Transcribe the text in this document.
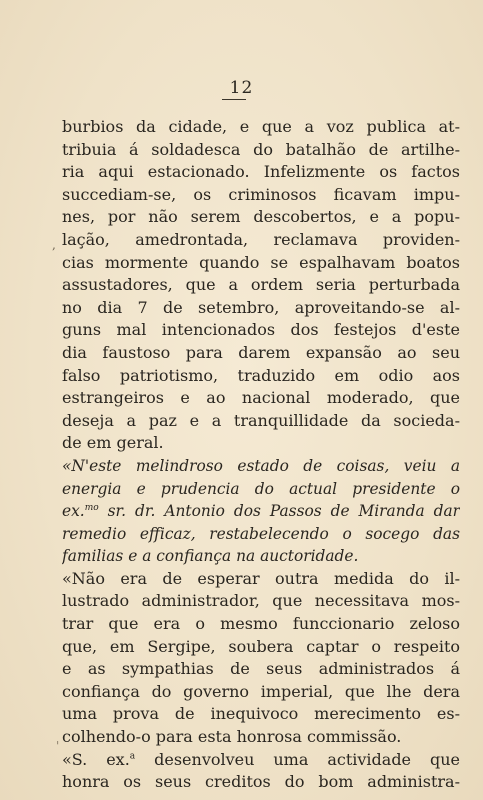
12
,
'
burbios da cidade, e que a voz publica at-
tribuia á soldadesca do batalhão de artilhe-
ria aqui estacionado. Infelizmente os factos
succediam-se, os criminosos ficavam impu-
nes, por não serem descobertos, e a popu-
lação, amedrontada, reclamava providen-
cias mormente quando se espalhavam boatos
assustadores, que a ordem seria perturbada
no dia 7 de setembro, aproveitando-se al-
guns mal intencionados dos festejos d'este
dia faustoso para darem expansão ao seu
falso patriotismo, traduzido em odio aos
estrangeiros e ao nacional moderado, que
deseja a paz e a tranquillidade da socieda-
de em geral.
«N'este melindroso estado de coisas, veiu a
energia e prudencia do actual presidente o
ex.$^{mo}$ sr. dr. Antonio dos Passos de Miranda dar
remedio efficaz, restabelecendo o socego das
familias e a confiança na auctoridade.
«Não era de esperar outra medida do il-
lustrado administrador, que necessitava mos-
trar que era o mesmo funccionario zeloso
que, em Sergipe, soubera captar o respeito
e as sympathias de seus administrados á
confiança do governo imperial, que lhe dera
uma prova de inequivoco merecimento es-
colhendo-o para esta honrosa commissão.
«S. ex.$^a$ desenvolveu uma actividade que
honra os seus creditos do bom administra-
